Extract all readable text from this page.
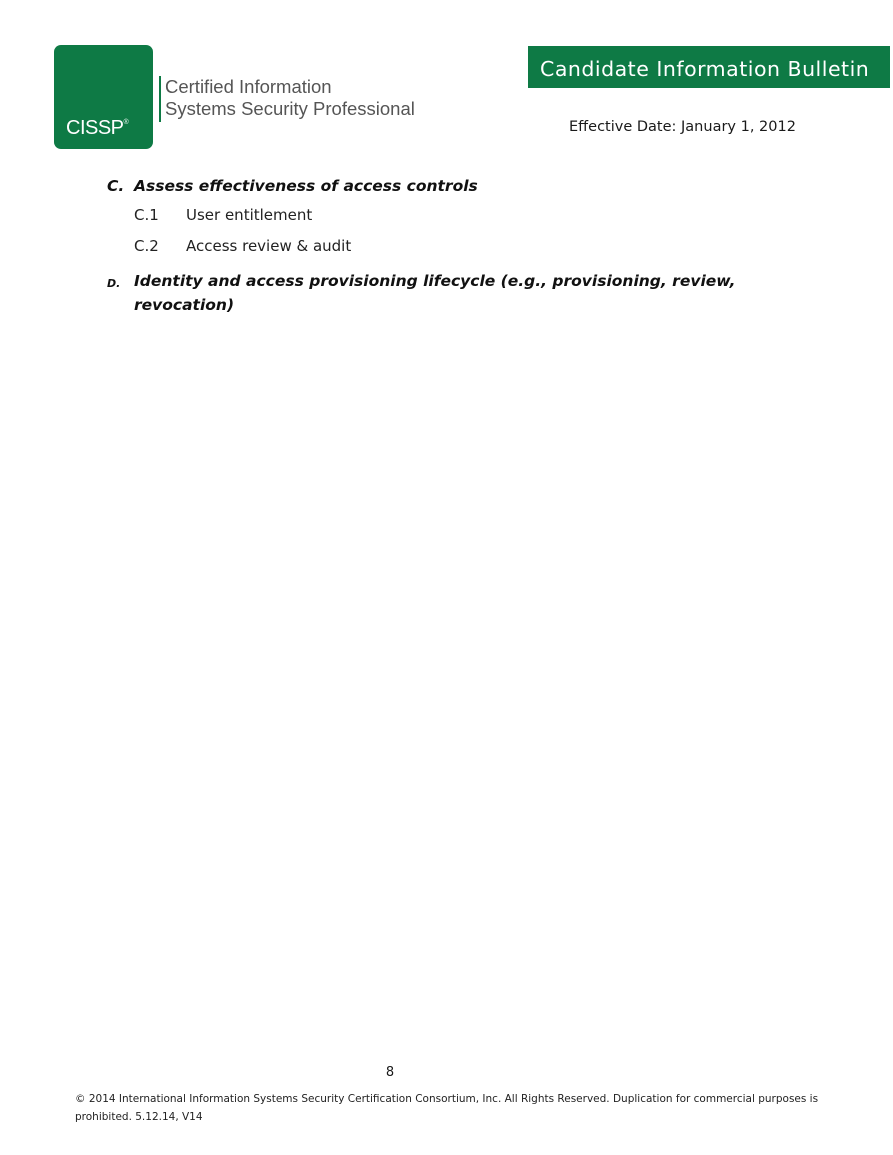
CISSP®
Certified Information
Systems Security Professional
Candidate Information Bulletin
Effective Date: January 1, 2012
C. Assess effectiveness of access controls
C.1 User entitlement
C.2 Access review & audit
D. Identity and access provisioning lifecycle (e.g., provisioning, review, revocation)
8
© 2014 International Information Systems Security Certification Consortium, Inc. All Rights Reserved. Duplication for commercial purposes is prohibited. 5.12.14, V14
